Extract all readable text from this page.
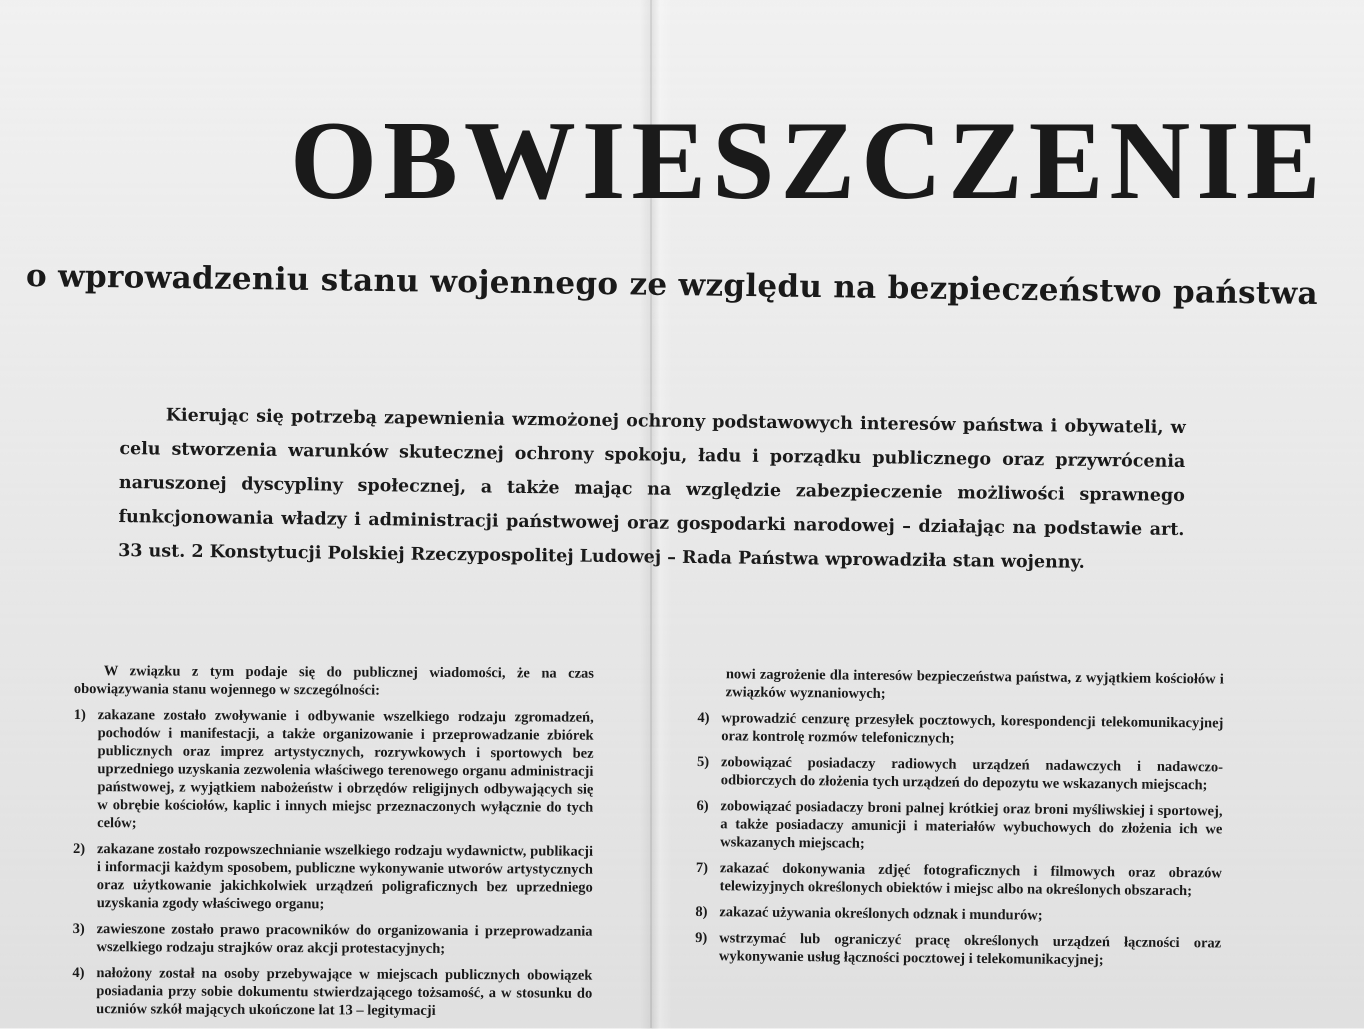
OBWIESZCZENIE
o wprowadzeniu stanu wojennego ze względu na bezpieczeństwo państwa

Kierując się potrzebą zapewnienia wzmożonej ochrony podstawowych interesów państwa i obywateli, w celu stworzenia warunków skutecznej ochrony spokoju, ładu i porządku publicznego oraz przywrócenia naruszonej dyscypliny społecznej, a także mając na względzie zabezpieczenie możliwości sprawnego funkcjonowania władzy i administracji państwowej oraz gospodarki narodowej – działając na podstawie art. 33 ust. 2 Konstytucji Polskiej Rzeczypospolitej Ludowej – Rada Państwa wprowadziła stan wojenny.

W związku z tym podaje się do publicznej wiadomości, że na czas obowiązywania stanu wojennego w szczególności:

1) zakazane zostało zwoływanie i odbywanie wszelkiego rodzaju zgromadzeń, pochodów i manifestacji, a także organizowanie i przeprowadzanie zbiórek publicznych oraz imprez artystycznych, rozrywkowych i sportowych bez uprzedniego uzyskania zezwolenia właściwego terenowego organu administracji państwowej, z wyjątkiem nabożeństw i obrzędów religijnych odbywających się w obrębie kościołów, kaplic i innych miejsc przeznaczonych wyłącznie do tych celów;
2) zakazane zostało rozpowszechnianie wszelkiego rodzaju wydawnictw, publikacji i informacji każdym sposobem, publiczne wykonywanie utworów artystycznych oraz użytkowanie jakichkolwiek urządzeń poligraficznych bez uprzedniego uzyskania zgody właściwego organu;
3) zawieszone zostało prawo pracowników do organizowania i przeprowadzania wszelkiego rodzaju strajków oraz akcji protestacyjnych;
4) nałożony został na osoby przebywające w miejscach publicznych obowiązek posiadania przy sobie dokumentu stwierdzającego tożsamość, a w stosunku do uczniów szkół mających ukończone lat 13 – legitymacji

nowi zagrożenie dla interesów bezpieczeństwa państwa, z wyjątkiem kościołów i związków wyznaniowych;

4) wprowadzić cenzurę przesyłek pocztowych, korespondencji telekomunikacyjnej oraz kontrolę rozmów telefonicznych;
5) zobowiązać posiadaczy radiowych urządzeń nadawczych i nadawczo-odbiorczych do złożenia tych urządzeń do depozytu we wskazanych miejscach;
6) zobowiązać posiadaczy broni palnej krótkiej oraz broni myśliwskiej i sportowej, a także posiadaczy amunicji i materiałów wybuchowych do złożenia ich we wskazanych miejscach;
7) zakazać dokonywania zdjęć fotograficznych i filmowych oraz obrazów telewizyjnych określonych obiektów i miejsc albo na określonych obszarach;
8) zakazać używania określonych odznak i mundurów;
9) wstrzymać lub ograniczyć pracę określonych urządzeń łączności oraz wykonywanie usług łączności pocztowej i telekomunikacyjnej;
